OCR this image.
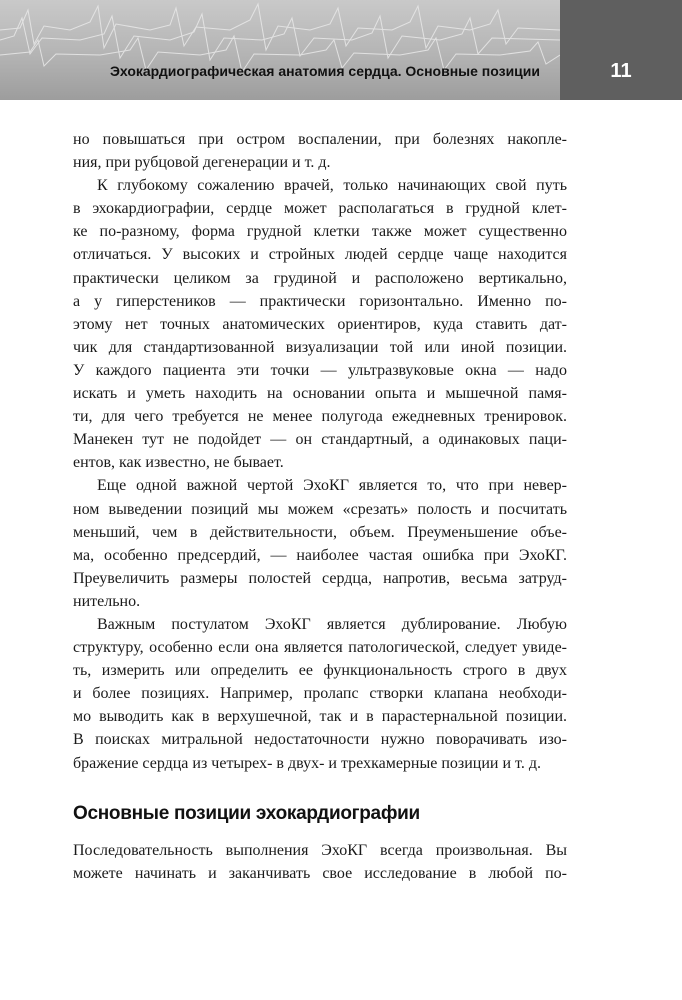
Эхокардиографическая анатомия сердца. Основные позиции	11

но повышаться при остром воспалении, при болезнях накопле-
ния, при рубцовой дегенерации и т. д.

К глубокому сожалению врачей, только начинающих свой путь
в эхокардиографии, сердце может располагаться в грудной клет-
ке по-разному, форма грудной клетки также может существенно
отличаться. У высоких и стройных людей сердце чаще находится
практически целиком за грудиной и расположено вертикально,
а у гиперстеников — практически горизонтально. Именно по-
этому нет точных анатомических ориентиров, куда ставить дат-
чик для стандартизованной визуализации той или иной позиции.
У каждого пациента эти точки — ультразвуковые окна — надо
искать и уметь находить на основании опыта и мышечной памя-
ти, для чего требуется не менее полугода ежедневных тренировок.
Манекен тут не подойдет — он стандартный, а одинаковых паци-
ентов, как известно, не бывает.

Еще одной важной чертой ЭхоКГ является то, что при невер-
ном выведении позиций мы можем «срезать» полость и посчитать
меньший, чем в действительности, объем. Преуменьшение объе-
ма, особенно предсердий, — наиболее частая ошибка при ЭхоКГ.
Преувеличить размеры полостей сердца, напротив, весьма затруд-
нительно.

Важным постулатом ЭхоКГ является дублирование. Любую
структуру, особенно если она является патологической, следует увиде-
ть, измерить или определить ее функциональность строго в двух
и более позициях. Например, пролапс створки клапана необходи-
мо выводить как в верхушечной, так и в парастернальной позиции.
В поисках митральной недостаточности нужно поворачивать изо-
бражение сердца из четырех- в двух- и трехкамерные позиции и т. д.

Основные позиции эхокардиографии

Последовательность выполнения ЭхоКГ всегда произвольная. Вы
можете начинать и заканчивать свое исследование в любой по-
